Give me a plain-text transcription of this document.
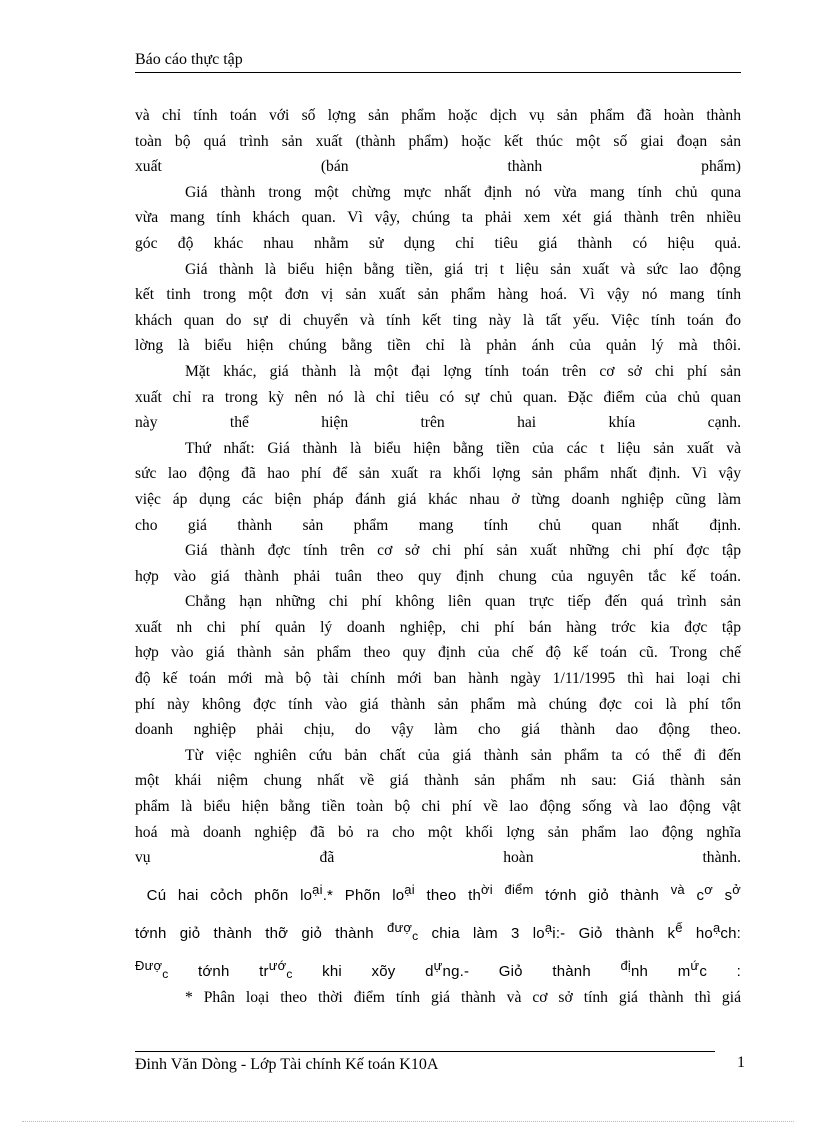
Báo cáo thực tập
và chỉ tính toán với số lợng sản phẩm hoặc dịch vụ sản phẩm đã hoàn thành
toàn bộ quá trình sản xuất (thành phẩm) hoặc kết thúc một số giai đoạn sản
xuất (bán thành phẩm)
Giá thành trong một chừng mực nhất định nó vừa mang tính chủ quna
vừa mang tính khách quan. Vì vậy, chúng ta phải xem xét giá thành trên nhiều
góc độ khác nhau nhằm sử dụng chỉ tiêu giá thành có hiệu quả.
Giá thành là biểu hiện bằng tiền, giá trị t liệu sản xuất và sức lao động
kết tinh trong một đơn vị sản xuất sản phẩm hàng hoá. Vì vậy nó mang tính
khách quan do sự di chuyển và tính kết ting này là tất yếu. Việc tính toán đo
lờng là biểu hiện chúng bằng tiền chỉ là phản ánh của quản lý mà thôi.
Mặt khác, giá thành là một đại lợng tính toán trên cơ sở chi phí sản
xuất chỉ ra trong kỳ nên nó là chỉ tiêu có sự chủ quan. Đặc điểm của chủ quan
này thể hiện trên hai khía cạnh.
Thứ nhất: Giá thành là biểu hiện bằng tiền của các t liệu sản xuất và
sức lao động đã hao phí để sản xuất ra khối lợng sản phẩm nhất định. Vì vậy
việc áp dụng các biện pháp đánh giá khác nhau ở từng doanh nghiệp cũng làm
cho giá thành sản phẩm mang tính chủ quan nhất định.
Giá thành đợc tính trên cơ sở chi phí sản xuất những chi phí đợc tập
hợp vào giá thành phải tuân theo quy định chung của nguyên tắc kế toán.
Chẳng hạn những chi phí không liên quan trực tiếp đến quá trình sản
xuất nh chi phí quản lý doanh nghiệp, chi phí bán hàng trớc kia đợc tập
hợp vào giá thành sản phẩm theo quy định của chế độ kế toán cũ. Trong chế
độ kế toán mới mà bộ tài chính mới ban hành ngày 1/11/1995 thì hai loại chi
phí này không đợc tính vào giá thành sản phẩm mà chúng đợc coi là phí tổn
doanh nghiệp phải chịu, do vậy làm cho giá thành dao động theo.
Từ việc nghiên cứu bản chất của giá thành sản phẩm ta có thể đi đến
một khái niệm chung nhất về giá thành sản phẩm nh sau: Giá thành sản
phẩm là biểu hiện bằng tiền toàn bộ chi phí về lao động sống và lao động vật
hoá mà doanh nghiệp đã bỏ ra cho một khối lợng sản phẩm lao động nghĩa
vụ đã hoàn thành.
Cú hai cỏch phõn $lo^{ại}.*$ Phõn $lo^{ại}$ theo $th^{ời}$ $^{điểm}$ tớnh giỏ thành $^{và}$ $c^ơ$ $s^ở$
tớnh giỏ thành thỡ giỏ thành $^{đượ}_c$ chia làm 3 $lo^ại:-$ Giỏ thành $k^ế$ $ho^ạch$:
$^{Đượ}_c$ tớnh $tr^{ướ}_c$ khi xõy $d^ựng.-$ Giỏ thành $^{đị}$nh $m^ức$ :
* Phân loại theo thời điểm tính giá thành và cơ sở tính giá thành thì giá
Đinh Văn Dòng - Lớp Tài chính Kế toán K10A	1
